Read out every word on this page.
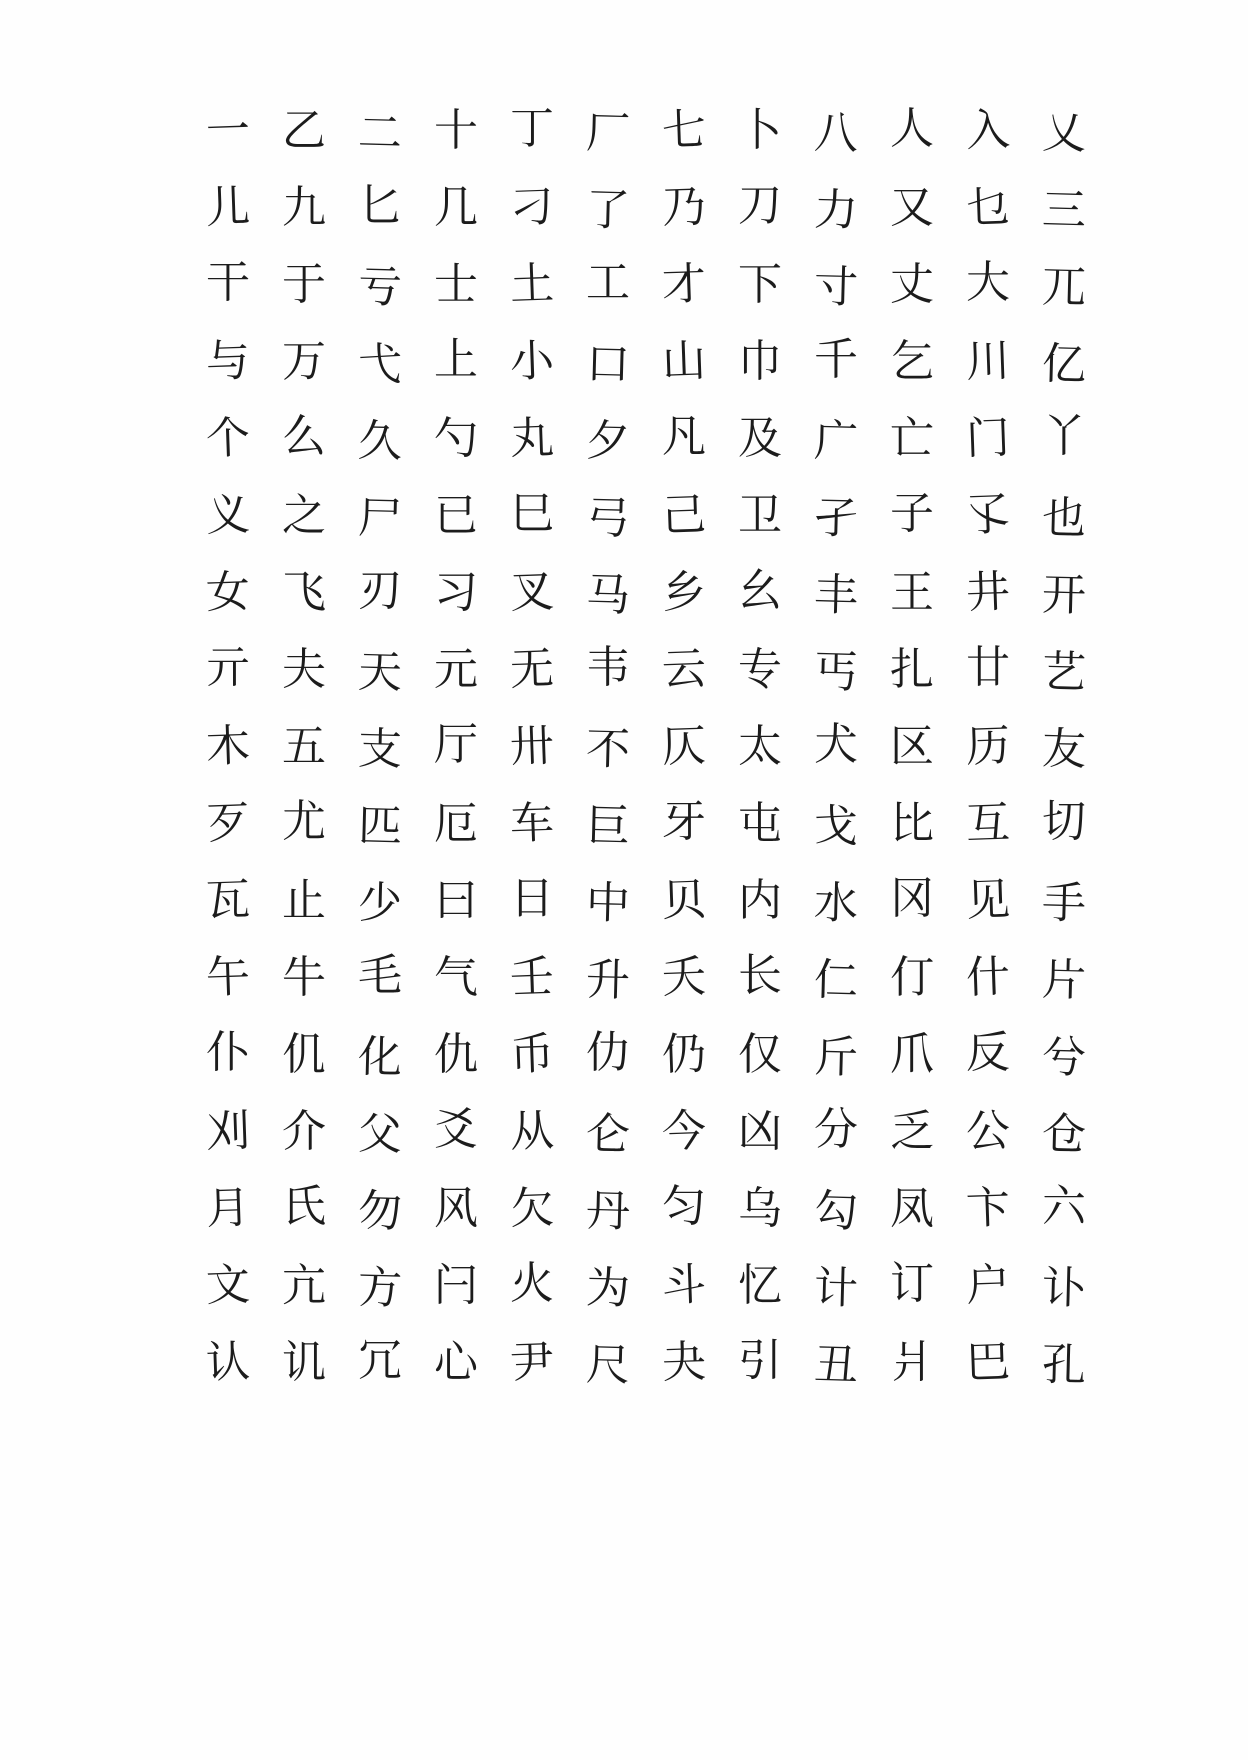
一 乙 二 十 丁 厂 七 卜 八 人 入 乂
儿 九 匕 几 刁 了 乃 刀 力 又 乜 三
干 于 亏 士 土 工 才 下 寸 丈 大 兀
与 万 弋 上 小 口 山 巾 千 乞 川 亿
个 么 久 勺 丸 夕 凡 及 广 亡 门 丫
义 之 尸 已 巳 弓 己 卫 孑 子 孓 也
女 飞 刃 习 叉 马 乡 幺 丰 王 井 开
亓 夫 天 元 无 韦 云 专 丐 扎 廿 艺
木 五 支 厅 卅 不 仄 太 犬 区 历 友
歹 尤 匹 厄 车 巨 牙 屯 戈 比 互 切
瓦 止 少 曰 日 中 贝 内 水 冈 见 手
午 牛 毛 气 壬 升 夭 长 仁 仃 什 片
仆 仉 化 仇 币 仂 仍 仅 斤 爪 反 兮
刈 介 父 爻 从 仑 今 凶 分 乏 公 仓
月 氏 勿 风 欠 丹 匀 乌 勾 凤 卞 六
文 亢 方 闩 火 为 斗 忆 计 订 户 讣
认 讥 冗 心 尹 尺 夬 引 丑 爿 巴 孔
